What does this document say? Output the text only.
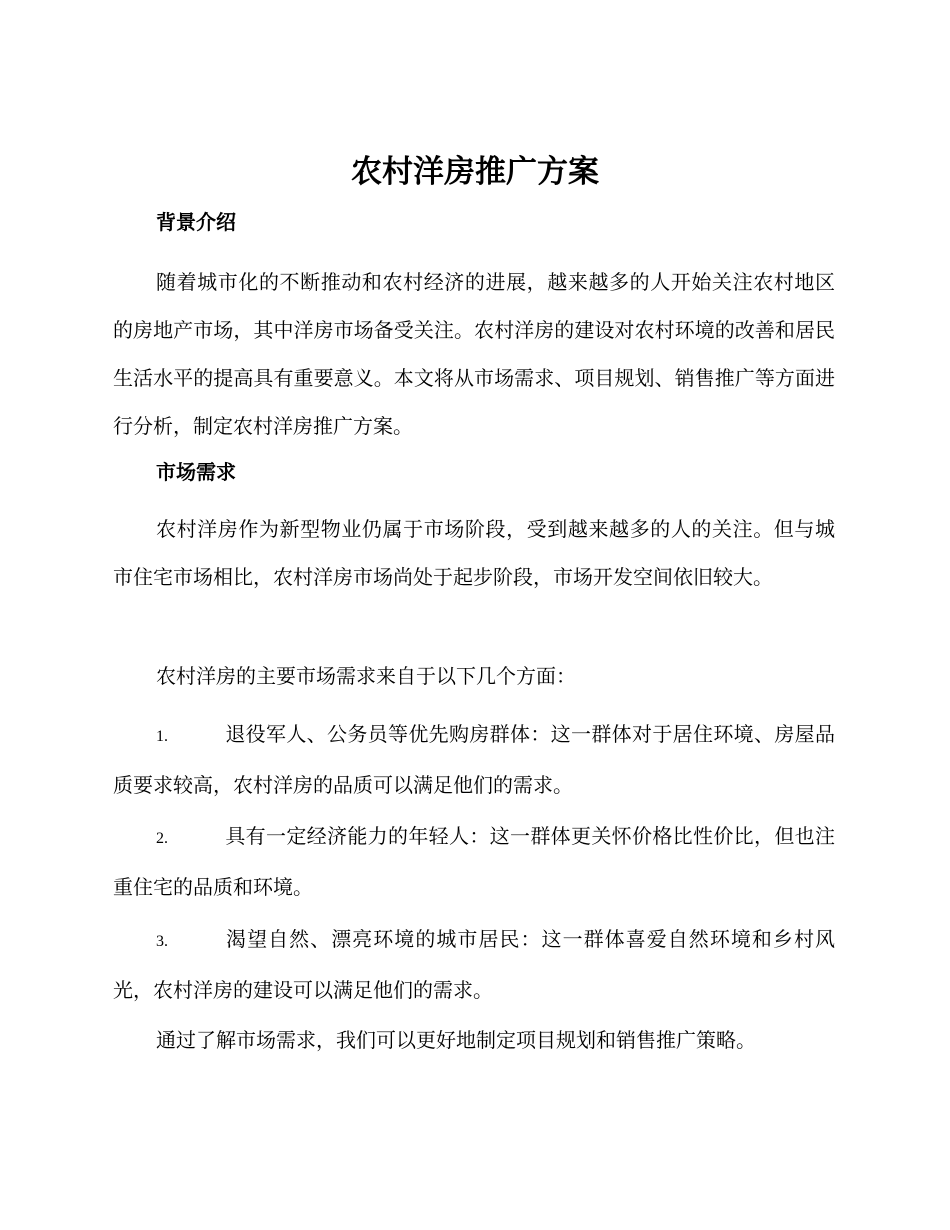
农村洋房推广方案
背景介绍

随着城市化的不断推动和农村经济的进展，越来越多的人开始关注农村地区的房地产市场，其中洋房市场备受关注。农村洋房的建设对农村环境的改善和居民生活水平的提高具有重要意义。本文将从市场需求、项目规划、销售推广等方面进行分析，制定农村洋房推广方案。

市场需求

农村洋房作为新型物业仍属于市场阶段，受到越来越多的人的关注。但与城市住宅市场相比，农村洋房市场尚处于起步阶段，市场开发空间依旧较大。

农村洋房的主要市场需求来自于以下几个方面：

1.	退役军人、公务员等优先购房群体：这一群体对于居住环境、房屋品质要求较高，农村洋房的品质可以满足他们的需求。

2.	具有一定经济能力的年轻人：这一群体更关怀价格比性价比，但也注重住宅的品质和环境。

3.	渴望自然、漂亮环境的城市居民：这一群体喜爱自然环境和乡村风光，农村洋房的建设可以满足他们的需求。

通过了解市场需求，我们可以更好地制定项目规划和销售推广策略。
